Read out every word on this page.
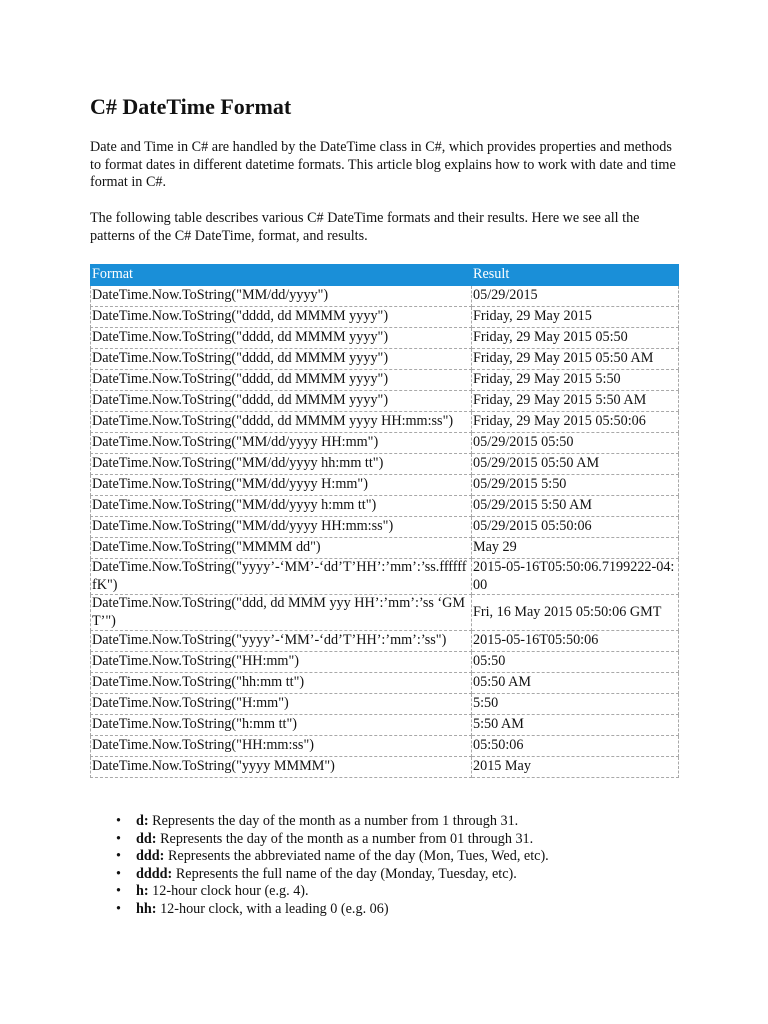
C# DateTime Format

Date and Time in C# are handled by the DateTime class in C#, which provides properties and methods to format dates in different datetime formats. This article blog explains how to work with date and time format in C#.

The following table describes various C# DateTime formats and their results. Here we see all the patterns of the C# DateTime, format, and results.

Format	Result
DateTime.Now.ToString("MM/dd/yyyy")	05/29/2015
DateTime.Now.ToString("dddd, dd MMMM yyyy")	Friday, 29 May 2015
DateTime.Now.ToString("dddd, dd MMMM yyyy")	Friday, 29 May 2015 05:50
DateTime.Now.ToString("dddd, dd MMMM yyyy")	Friday, 29 May 2015 05:50 AM
DateTime.Now.ToString("dddd, dd MMMM yyyy")	Friday, 29 May 2015 5:50
DateTime.Now.ToString("dddd, dd MMMM yyyy")	Friday, 29 May 2015 5:50 AM
DateTime.Now.ToString("dddd, dd MMMM yyyy HH:mm:ss")	Friday, 29 May 2015 05:50:06
DateTime.Now.ToString("MM/dd/yyyy HH:mm")	05/29/2015 05:50
DateTime.Now.ToString("MM/dd/yyyy hh:mm tt")	05/29/2015 05:50 AM
DateTime.Now.ToString("MM/dd/yyyy H:mm")	05/29/2015 5:50
DateTime.Now.ToString("MM/dd/yyyy h:mm tt")	05/29/2015 5:50 AM
DateTime.Now.ToString("MM/dd/yyyy HH:mm:ss")	05/29/2015 05:50:06
DateTime.Now.ToString("MMMM dd")	May 29
DateTime.Now.ToString("yyyy’-‘MM’-‘dd’T’HH’:’mm’:’ss.fffffffK")	2015-05-16T05:50:06.7199222-04:00
DateTime.Now.ToString("ddd, dd MMM yyy HH’:’mm’:’ss ‘GMT’")	Fri, 16 May 2015 05:50:06 GMT
DateTime.Now.ToString("yyyy’-‘MM’-‘dd’T’HH’:’mm’:’ss")	2015-05-16T05:50:06
DateTime.Now.ToString("HH:mm")	05:50
DateTime.Now.ToString("hh:mm tt")	05:50 AM
DateTime.Now.ToString("H:mm")	5:50
DateTime.Now.ToString("h:mm tt")	5:50 AM
DateTime.Now.ToString("HH:mm:ss")	05:50:06
DateTime.Now.ToString("yyyy MMMM")	2015 May
• d: Represents the day of the month as a number from 1 through 31.
• dd: Represents the day of the month as a number from 01 through 31.
• ddd: Represents the abbreviated name of the day (Mon, Tues, Wed, etc).
• dddd: Represents the full name of the day (Monday, Tuesday, etc).
• h: 12-hour clock hour (e.g. 4).
• hh: 12-hour clock, with a leading 0 (e.g. 06)
